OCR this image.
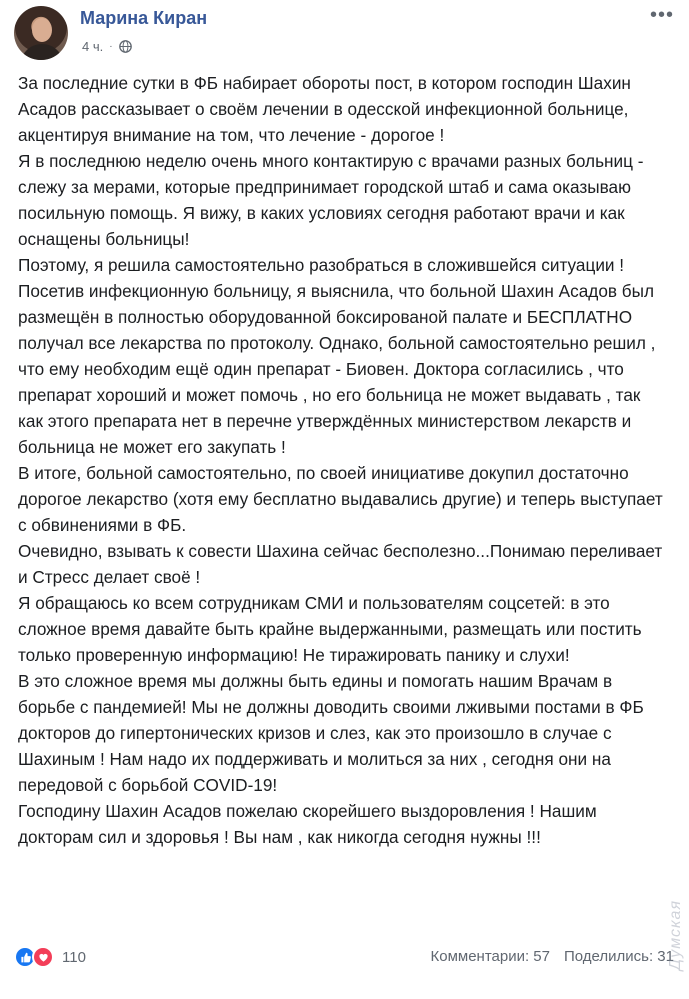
Марина Киран
4 ч. ·
•••

За последние сутки в ФБ набирает обороты пост, в котором господин Шахин Асадов рассказывает о своём лечении в одесской инфекционной больнице, акцентируя внимание на том, что лечение - дорогое !

Я в последнюю неделю очень много контактирую с врачами разных больниц - слежу за мерами, которые предпринимает городской штаб и сама оказываю посильную помощь. Я вижу, в каких условиях сегодня работают врачи и как оснащены больницы!

Поэтому, я решила самостоятельно разобраться в сложившейся ситуации !

Посетив инфекционную больницу, я выяснила, что больной Шахин Асадов был размещён в полностью оборудованной боксированой палате и БЕСПЛАТНО получал все лекарства по протоколу. Однако, больной самостоятельно решил , что ему необходим ещё один препарат - Биовен. Доктора согласились , что препарат хороший и может помочь , но его больница не может выдавать , так как этого препарата нет в перечне утверждённых министерством лекарств и больница не может его закупать !

В итоге, больной самостоятельно, по своей инициативе докупил достаточно дорогое лекарство (хотя ему бесплатно выдавались другие) и теперь выступает с обвинениями в ФБ.

Очевидно, взывать к совести Шахина сейчас бесполезно...Понимаю переливает и Стресс делает своё !

Я обращаюсь ко всем сотрудникам СМИ и пользователям соцсетей: в это сложное время давайте быть крайне выдержанными, размещать или постить только проверенную информацию! Не тиражировать панику и слухи!

В это сложное время мы должны быть едины и помогать нашим Врачам в борьбе с пандемией! Мы не должны доводить своими лживыми постами в ФБ докторов до гипертонических кризов и слез, как это произошло в случае с Шахиным ! Нам надо их поддерживать и молиться за них , сегодня они на передовой с борьбой COVID-19!

Господину Шахин Асадов пожелаю скорейшего выздоровления ! Нашим докторам сил и здоровья ! Вы нам , как никогда сегодня нужны !!!

110	Комментарии: 57 Поделились: 31
Думская
